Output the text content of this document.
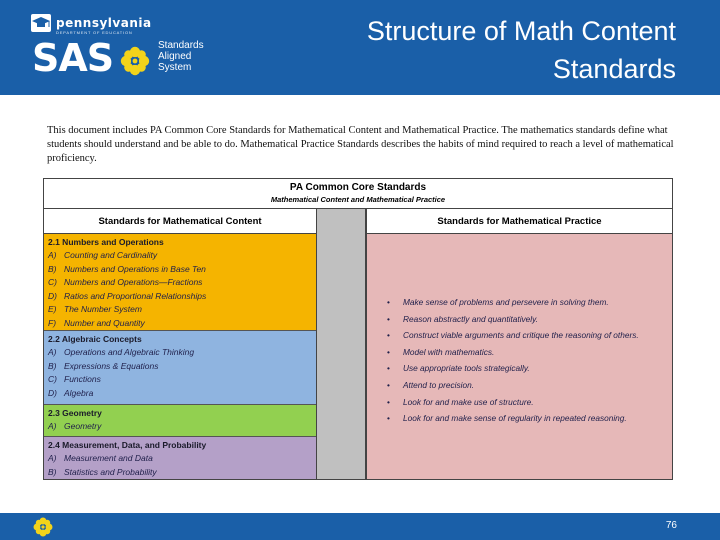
pennsylvania
DEPARTMENT OF EDUCATION
SAS	Standards
Aligned
System
Structure of Math Content
Standards
This document includes PA Common Core Standards for Mathematical Content and Mathematical Practice. The mathematics standards define what students should understand and be able to do. Mathematical Practice Standards describes the habits of mind required to reach a level of mathematical proficiency.
PA Common Core Standards
Mathematical Content and Mathematical Practice
Standards for Mathematical Content	Standards for Mathematical Practice
2.1 Numbers and Operations
A) Counting and Cardinality
B) Numbers and Operations in Base Ten
C) Numbers and Operations—Fractions
D) Ratios and Proportional Relationships
E) The Number System
F) Number and Quantity
2.2 Algebraic Concepts
A) Operations and Algebraic Thinking
B) Expressions & Equations
C) Functions
D) Algebra
2.3 Geometry
A) Geometry
2.4 Measurement, Data, and Probability
A) Measurement and Data
B) Statistics and Probability
• Make sense of problems and persevere in solving them.
• Reason abstractly and quantitatively.
• Construct viable arguments and critique the reasoning of others.
• Model with mathematics.
• Use appropriate tools strategically.
• Attend to precision.
• Look for and make use of structure.
• Look for and make sense of regularity in repeated reasoning.
76
